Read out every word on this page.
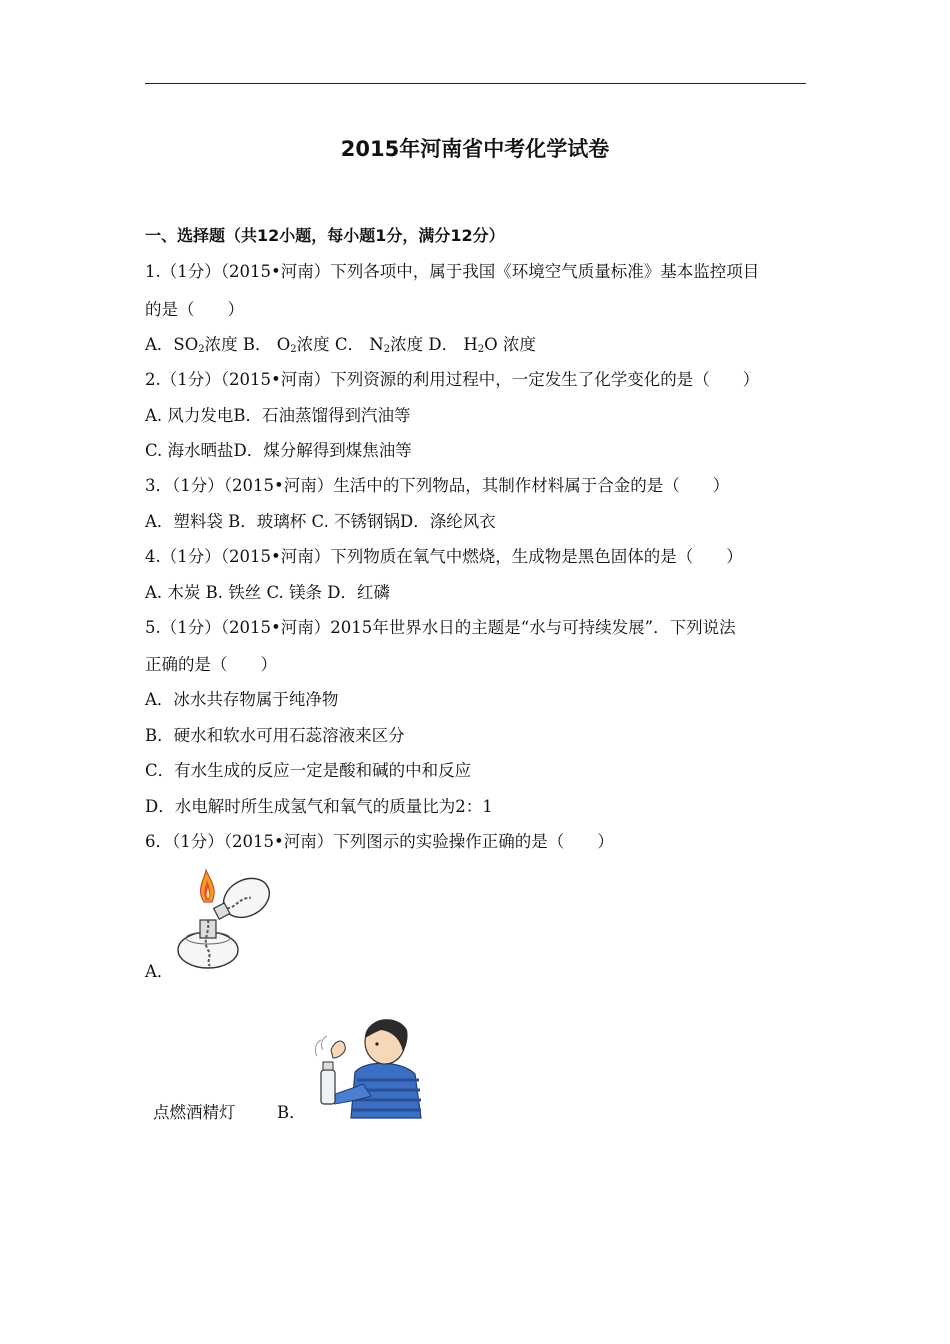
2015年河南省中考化学试卷
一、选择题（共12小题，每小题1分，满分12分）
1.（1分）（2015•河南）下列各项中，属于我国《环境空气质量标准》基本监控项目
的是（　　）
A．$SO_2$浓度 B． $O_2$浓度 C． $N_2$浓度 D． $H_2O$ 浓度
2.（1分）（2015•河南）下列资源的利用过程中，一定发生了化学变化的是（　　）
A. 风力发电B．石油蒸馏得到汽油等
C. 海水晒盐D．煤分解得到煤焦油等
3．（1分）（2015•河南）生活中的下列物品，其制作材料属于合金的是（　　）
A．塑料袋 B．玻璃杯 C. 不锈钢锅D．涤纶风衣
4.（1分）（2015•河南）下列物质在氧气中燃烧，生成物是黑色固体的是（　　）
A. 木炭 B. 铁丝 C. 镁条 D．红磷
5.（1分）（2015•河南）2015年世界水日的主题是“水与可持续发展”．下列说法
正确的是（　　）
A．冰水共存物属于纯净物
B．硬水和软水可用石蕊溶液来区分
C．有水生成的反应一定是酸和碱的中和反应
D．水电解时所生成氢气和氧气的质量比为2：1
6．（1分）（2015•河南）下列图示的实验操作正确的是（　　）
A．
点燃酒精灯	B．
